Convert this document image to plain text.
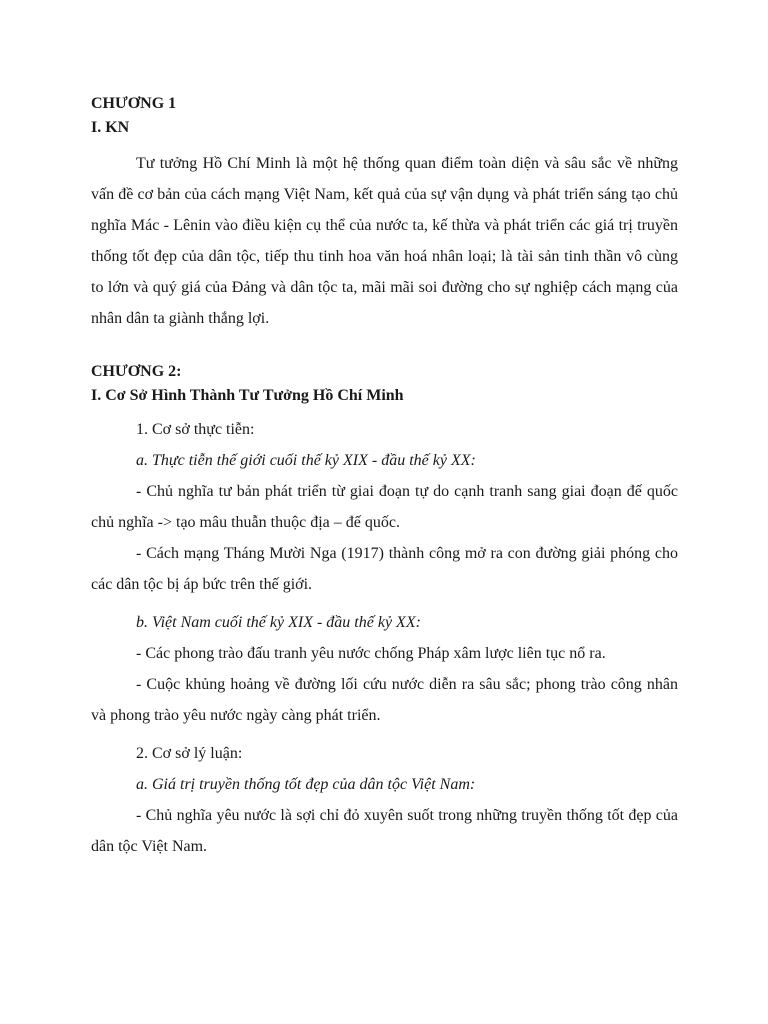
CHƯƠNG 1

I. KN

Tư tưởng Hồ Chí Minh là một hệ thống quan điểm toàn diện và sâu sắc về những vấn đề cơ bản của cách mạng Việt Nam, kết quả của sự vận dụng và phát triển sáng tạo chủ nghĩa Mác - Lênin vào điều kiện cụ thể của nước ta, kế thừa và phát triển các giá trị truyền thống tốt đẹp của dân tộc, tiếp thu tinh hoa văn hoá nhân loại; là tài sản tinh thần vô cùng to lớn và quý giá của Đảng và dân tộc ta, mãi mãi soi đường cho sự nghiệp cách mạng của nhân dân ta giành thắng lợi.

CHƯƠNG 2:

I. Cơ Sở Hình Thành Tư Tưởng Hồ Chí Minh

1. Cơ sở thực tiễn:

a. Thực tiễn thế giới cuối thế kỷ XIX - đầu thế kỷ XX:

- Chủ nghĩa tư bản phát triển từ giai đoạn tự do cạnh tranh sang giai đoạn đế quốc chủ nghĩa -> tạo mâu thuẫn thuộc địa – đế quốc.

- Cách mạng Tháng Mười Nga (1917) thành công mở ra con đường giải phóng cho các dân tộc bị áp bức trên thế giới.

b. Việt Nam cuối thế kỷ XIX - đầu thế kỷ XX:

- Các phong trào đấu tranh yêu nước chống Pháp xâm lược liên tục nổ ra.

- Cuộc khủng hoảng về đường lối cứu nước diễn ra sâu sắc; phong trào công nhân và phong trào yêu nước ngày càng phát triển.

2. Cơ sở lý luận:

a. Giá trị truyền thống tốt đẹp của dân tộc Việt Nam:

- Chủ nghĩa yêu nước là sợi chỉ đỏ xuyên suốt trong những truyền thống tốt đẹp của dân tộc Việt Nam.
